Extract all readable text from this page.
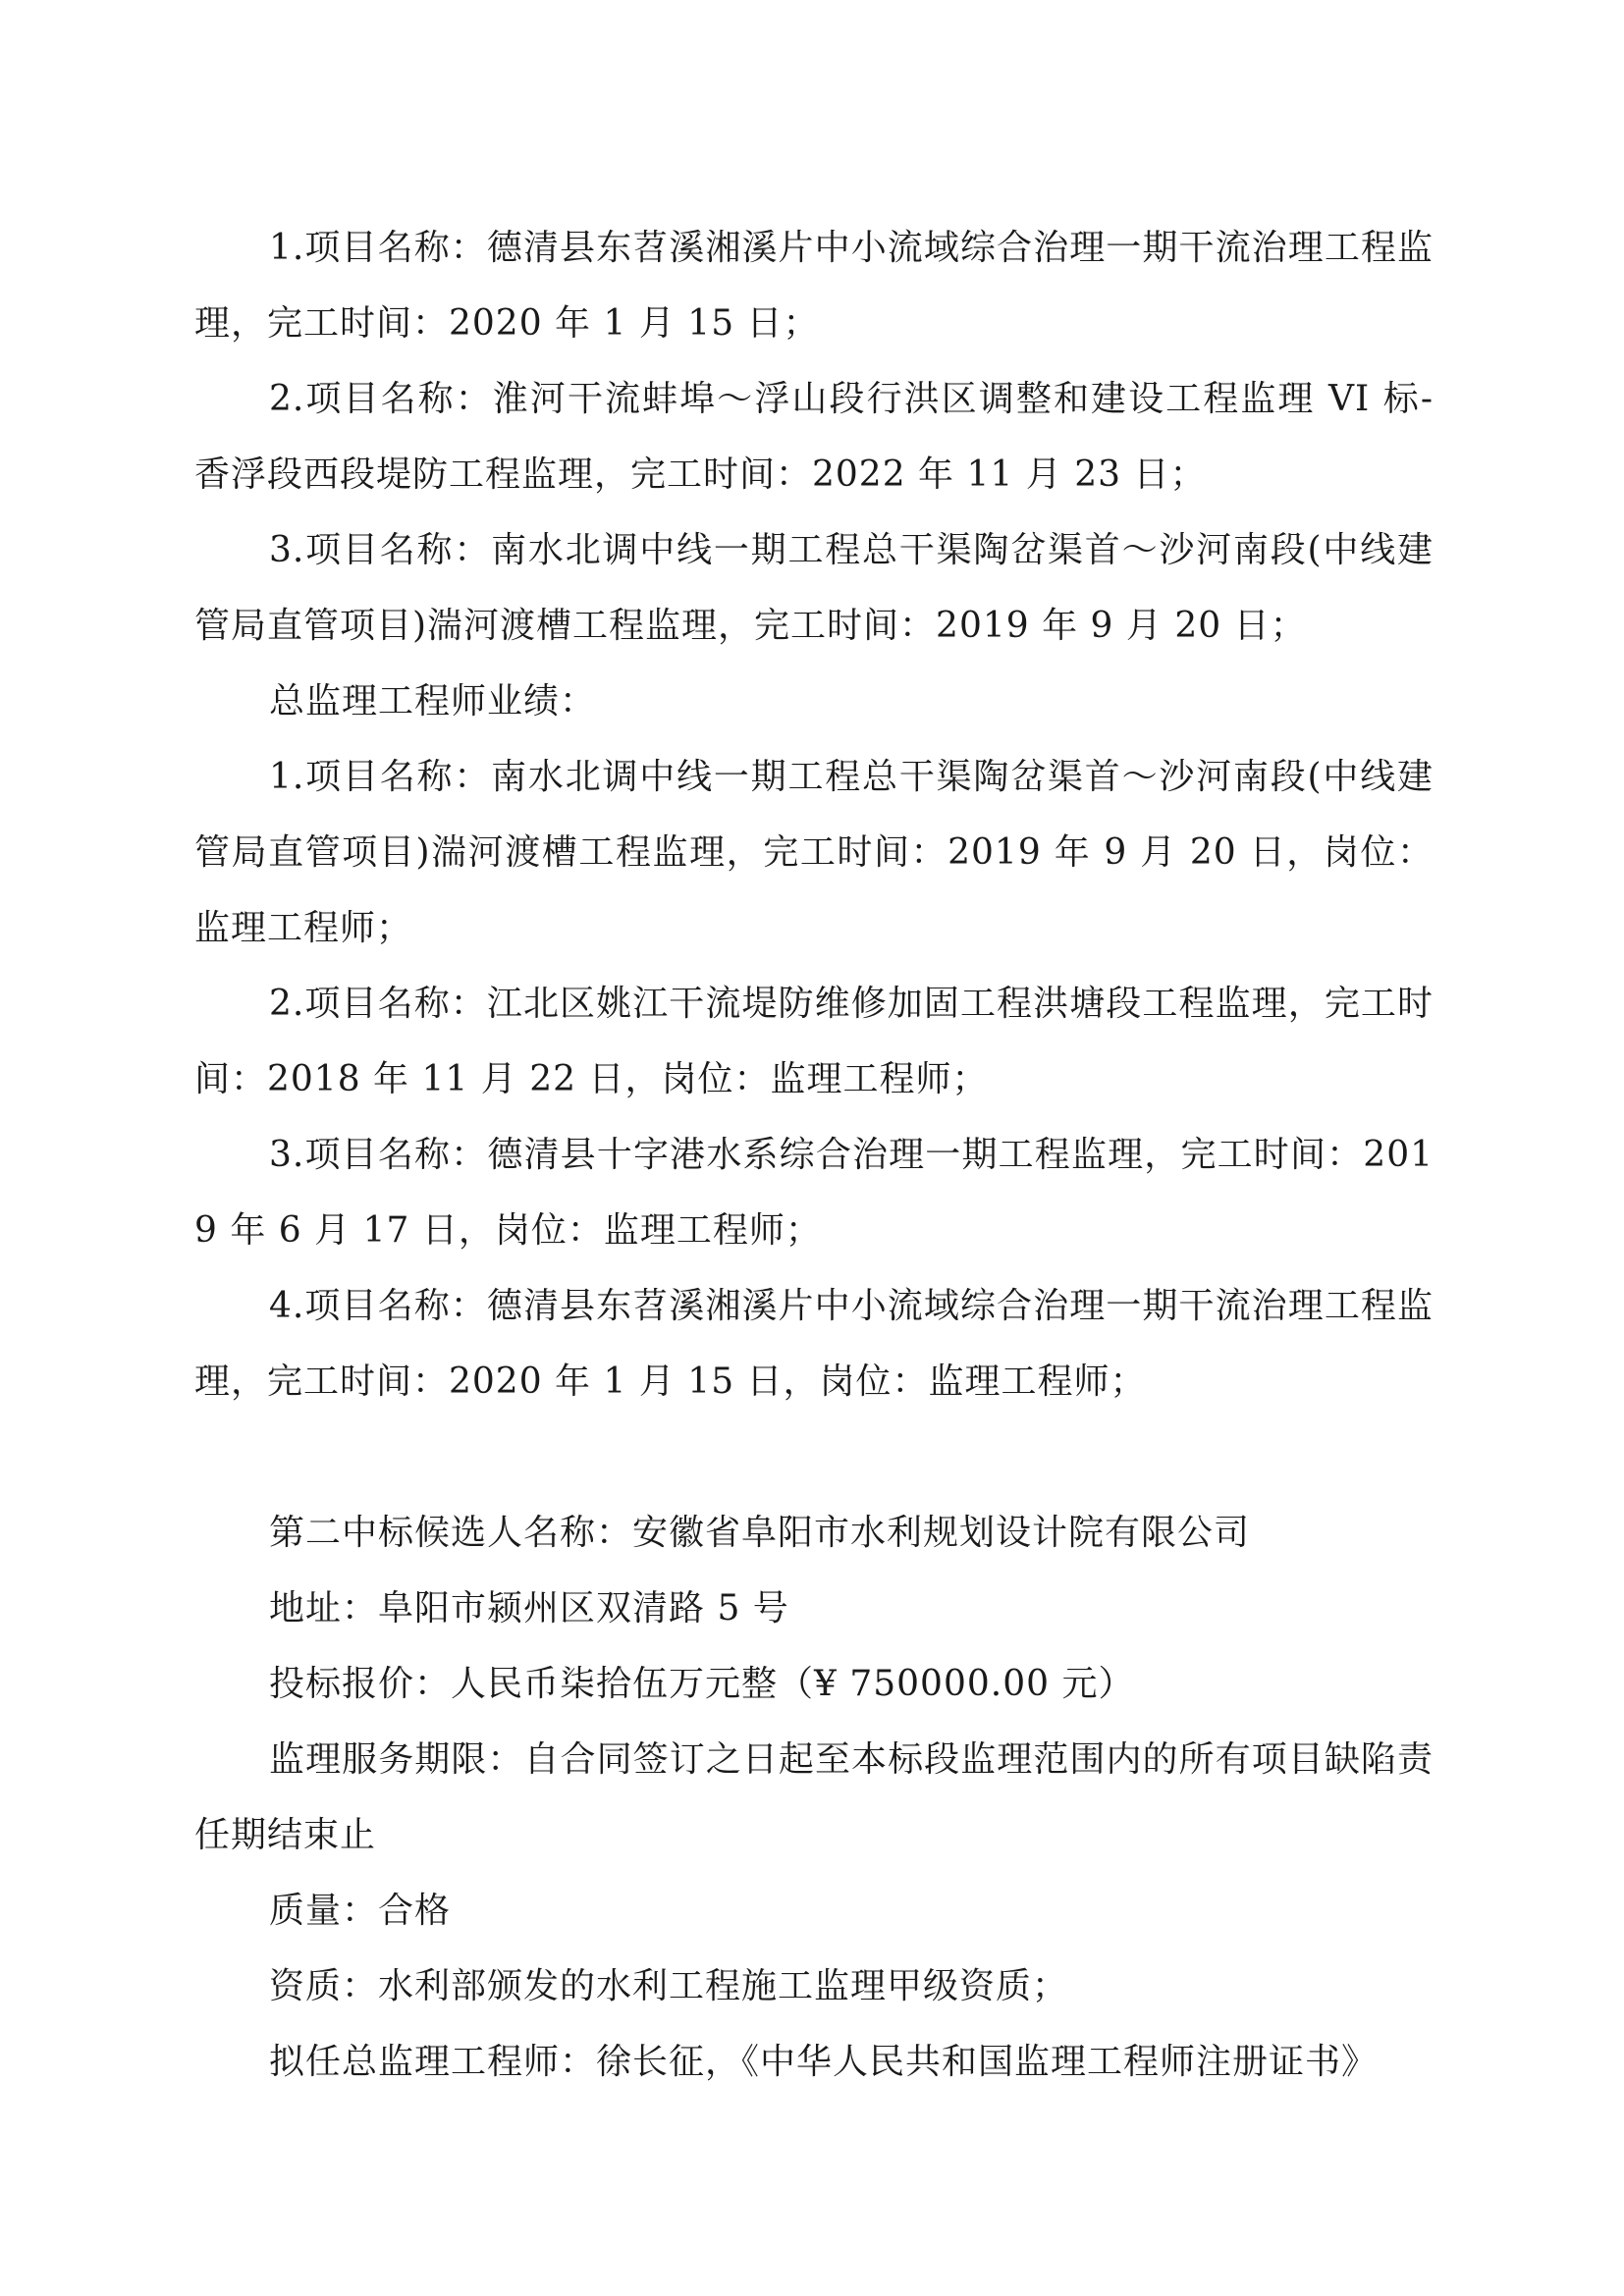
1.项目名称：德清县东苕溪湘溪片中小流域综合治理一期干流治理工程监理，完工时间：2020 年 1 月 15 日；

2.项目名称：淮河干流蚌埠～浮山段行洪区调整和建设工程监理 VI 标-香浮段西段堤防工程监理，完工时间：2022 年 11 月 23 日；

3.项目名称：南水北调中线一期工程总干渠陶岔渠首～沙河南段(中线建管局直管项目)湍河渡槽工程监理，完工时间：2019 年 9 月 20 日；

总监理工程师业绩：

1.项目名称：南水北调中线一期工程总干渠陶岔渠首～沙河南段(中线建管局直管项目)湍河渡槽工程监理，完工时间：2019 年 9 月 20 日，岗位：监理工程师；

2.项目名称：江北区姚江干流堤防维修加固工程洪塘段工程监理，完工时间：2018 年 11 月 22 日，岗位：监理工程师；

3.项目名称：德清县十字港水系综合治理一期工程监理，完工时间：2019 年 6 月 17 日，岗位：监理工程师；

4.项目名称：德清县东苕溪湘溪片中小流域综合治理一期干流治理工程监理，完工时间：2020 年 1 月 15 日，岗位：监理工程师；

第二中标候选人名称：安徽省阜阳市水利规划设计院有限公司

地址：阜阳市颍州区双清路 5 号

投标报价：人民币柒拾伍万元整（¥ 750000.00 元）

监理服务期限：自合同签订之日起至本标段监理范围内的所有项目缺陷责任期结束止

质量：合格

资质：水利部颁发的水利工程施工监理甲级资质；

拟任总监理工程师：徐长征，《中华人民共和国监理工程师注册证书》
